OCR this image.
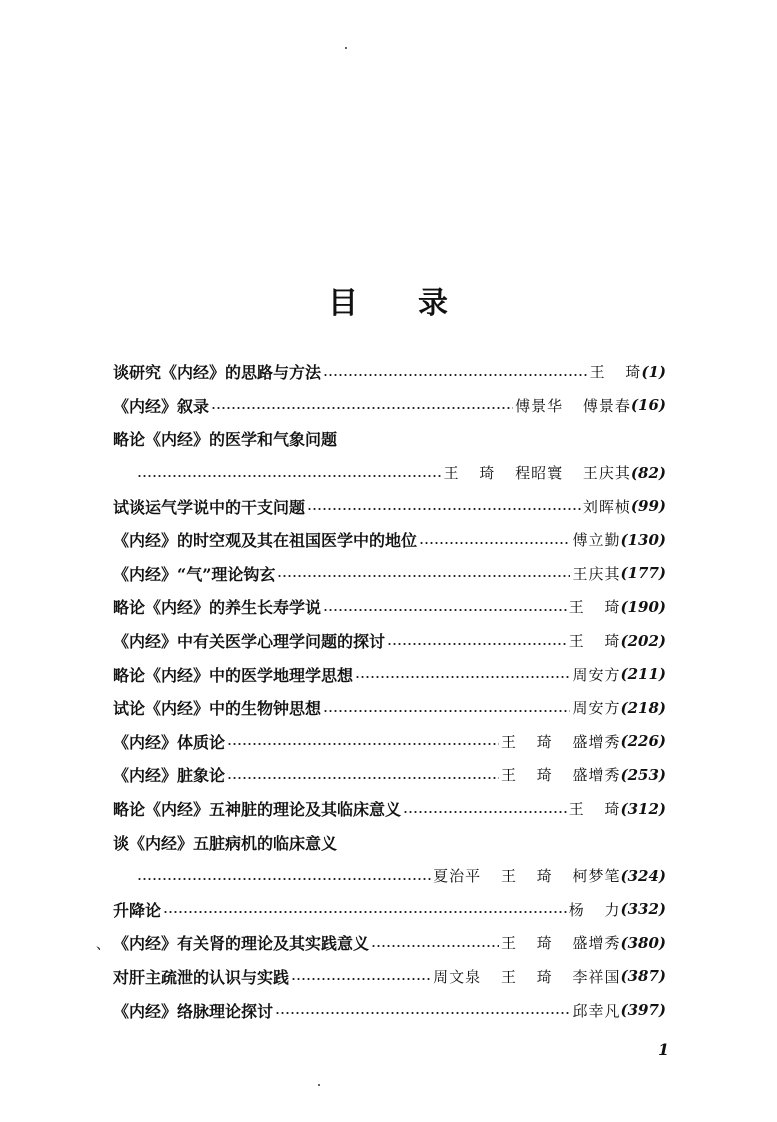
、
目 录
谈研究《内经》的思路与方法	王 琦 (1)
《内经》叙录	傅景华 傅景春 (16)
略论《内经》的医学和气象问题
王 琦 程昭寰 王庆其 (82)
试谈运气学说中的干支问题	刘晖桢 (99)
《内经》的时空观及其在祖国医学中的地位	傅立勤 (130)
《内经》“气”理论钩玄	王庆其 (177)
略论《内经》的养生长寿学说	王 琦 (190)
《内经》中有关医学心理学问题的探讨	王 琦 (202)
略论《内经》中的医学地理学思想	周安方 (211)
试论《内经》中的生物钟思想	周安方 (218)
《内经》体质论	王 琦 盛增秀 (226)
《内经》脏象论	王 琦 盛增秀 (253)
略论《内经》五神脏的理论及其临床意义	王 琦 (312)
谈《内经》五脏病机的临床意义
夏治平 王 琦 柯梦笔 (324)
升降论	杨 力 (332)
《内经》有关肾的理论及其实践意义	王 琦 盛增秀 (380)
对肝主疏泄的认识与实践	周文泉 王 琦 李祥国 (387)
《内经》络脉理论探讨	邱幸凡 (397)
1
